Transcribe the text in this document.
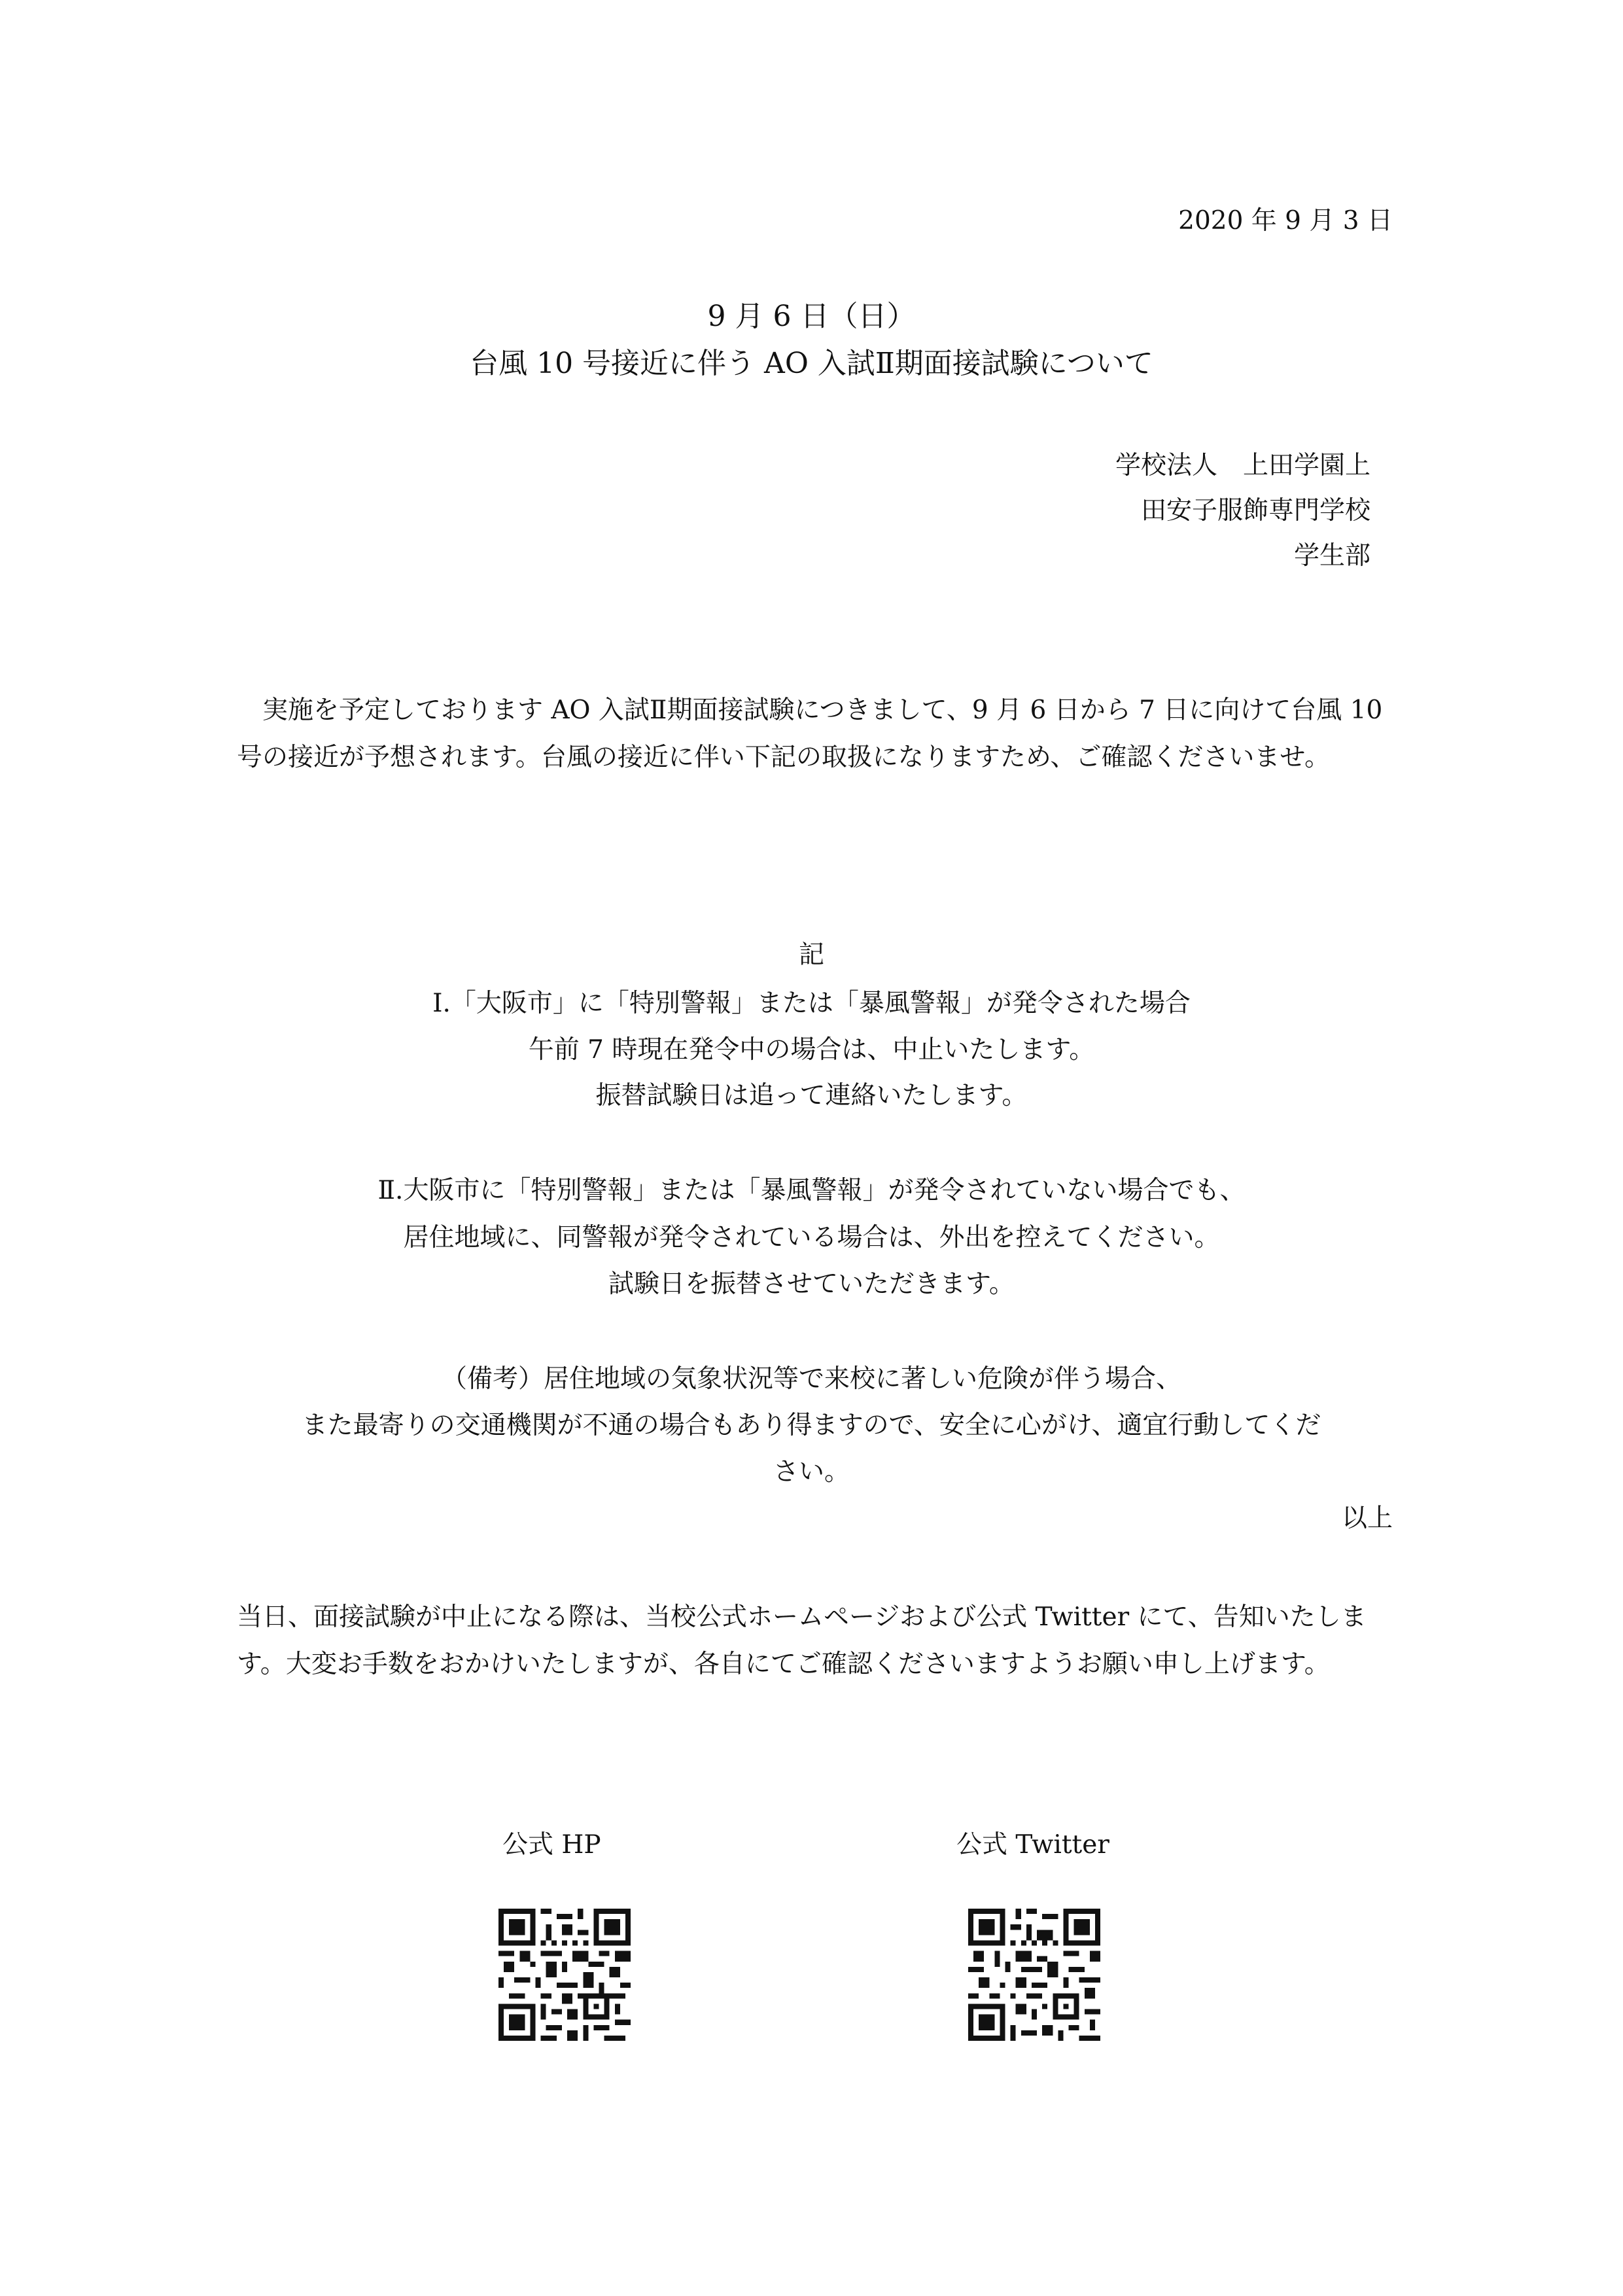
2020 年 9 月 3 日

9 月 6 日（日）

台風 10 号接近に伴う AO 入試Ⅱ期面接試験について

学校法人　上田学園上

田安子服飾専門学校

学生部

実施を予定しております AO 入試Ⅱ期面接試験につきまして、9 月 6 日から 7 日に向けて台風 10 号の接近が予想されます。台風の接近に伴い下記の取扱になりますため、ご確認くださいませ。

記

Ⅰ.「大阪市」に「特別警報」または「暴風警報」が発令された場合

午前 7 時現在発令中の場合は、中止いたします。

振替試験日は追って連絡いたします。

Ⅱ.大阪市に「特別警報」または「暴風警報」が発令されていない場合でも、

居住地域に、同警報が発令されている場合は、外出を控えてください。

試験日を振替させていただきます。

（備考）居住地域の気象状況等で来校に著しい危険が伴う場合、

また最寄りの交通機関が不通の場合もあり得ますので、安全に心がけ、適宜行動してくだ

さい。

以上

当日、面接試験が中止になる際は、当校公式ホームページおよび公式 Twitter にて、告知いたします。大変お手数をおかけいたしますが、各自にてご確認くださいますようお願い申し上げます。

公式 HP	公式 Twitter
